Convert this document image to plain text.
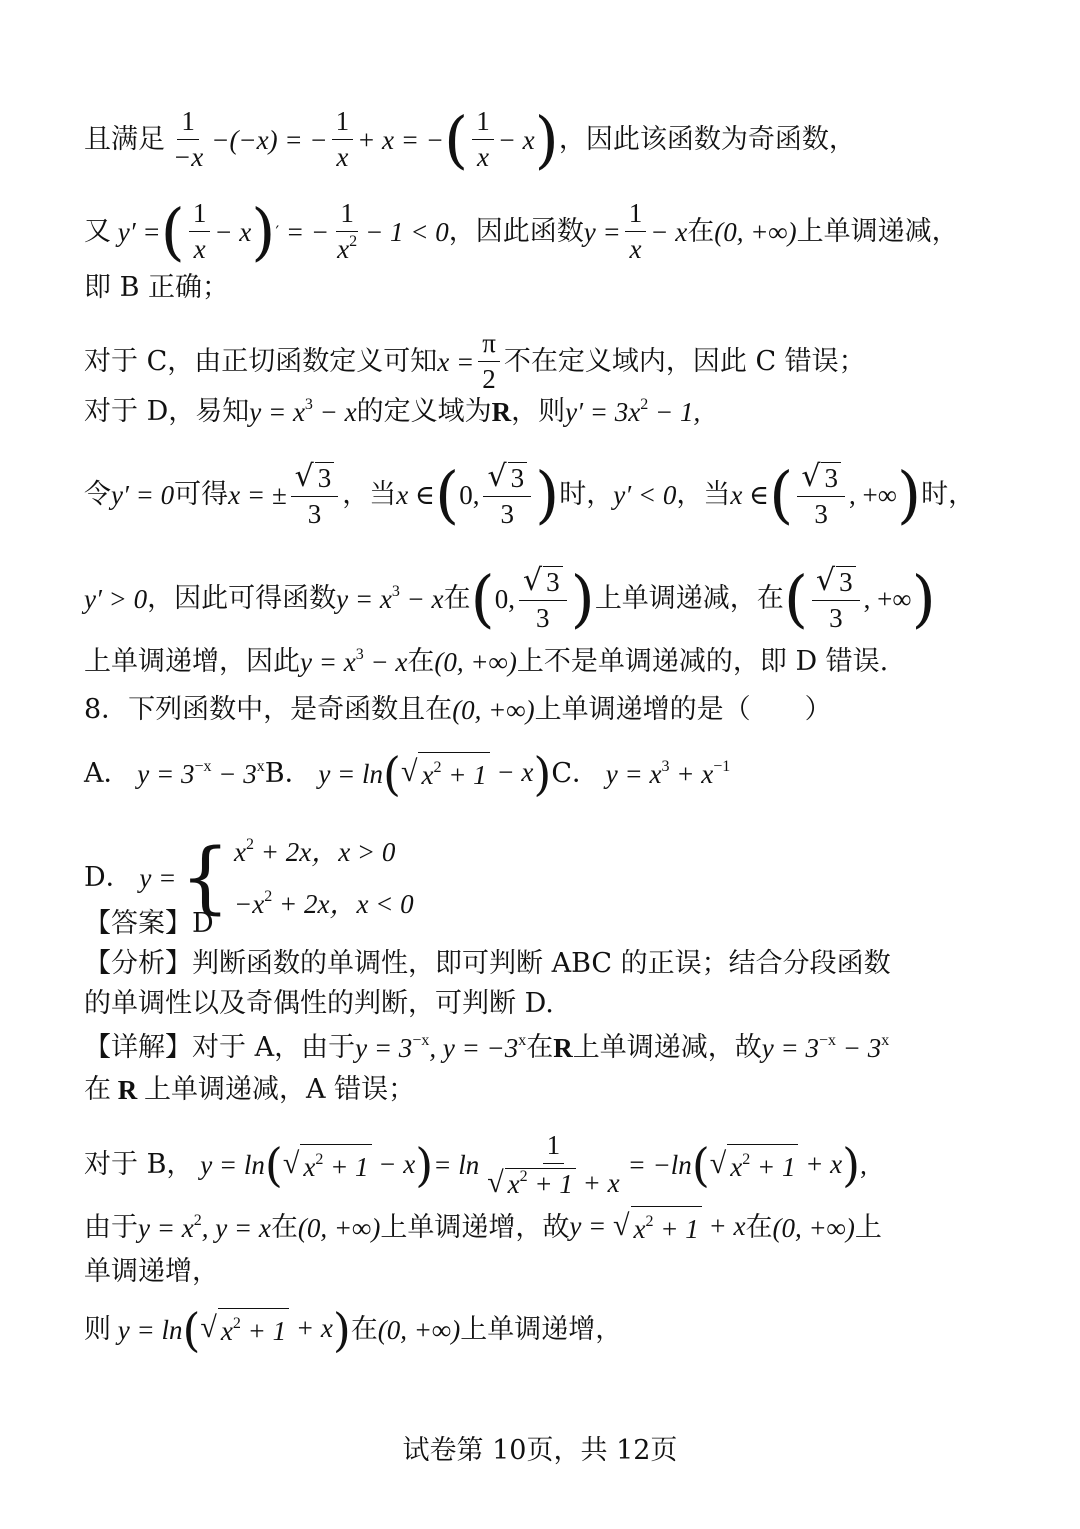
且满足 $\frac{1}{-x} -(-x)$ = − $\frac{1}{x} + x$ = − ( $\frac{1}{x} - x$ ) ，因此该函数为奇函数，
又 y′ = ( $\frac{1}{x} - x$ ) ′ = − $\frac{1}{x^2} - 1 < 0$ ，因此函数 $y = \frac{1}{x} - x$ 在 (0, +∞) 上单调递减，
即 B 正确；
对于 C，由正切函数定义可知 $x = \frac{\pi}{2}$ 不在定义域内，因此 C 错误；
对于 D，易知 $y = x^3 - x$ 的定义域为 R ，则 $y' = 3x^2 - 1$,
令 y′ = 0 可得 x = ± $\frac{√ 3}{3}$ ，当 x ∈ ( 0, $\frac{√ 3}{3}$ ) 时， y′ < 0 ，当 x ∈ ( $\frac{√ 3}{3}$ , +∞ ) 时，
y′ > 0 ，因此可得函数 $y = x^3 - x$ 在 ( 0, $\frac{√ 3}{3}$ ) 上单调递减，在 ( $\frac{√ 3}{3}$ , +∞ )
上单调递增，因此 $y = x^3 - x$ 在 (0, +∞) 上不是单调递减的，即 D 错误.
8．下列函数中，是奇函数且在 (0, +∞) 上单调递增的是（　　）
A． $y = 3^{-x} - 3^x$ B． y = ln ( √ $x^2 + 1 - x$ ) C． $y = x^3 + x^{-1}$
D． y = { $x^2 + 2x$，x > 0
$-x^2 + 2x$，x < 0
【答案】D
【分析】判断函数的单调性，即可判断 ABC 的正误；结合分段函数
的单调性以及奇偶性的判断，可判断 D.
【详解】对于 A，由于 $y = 3^{-x}$, $y = -3^x$ 在 R 上单调递减，故 $y = 3^{-x} - 3^x$
在 R 上单调递减，A 错误；
对于 B， y = ln ( √ $x^2 + 1 - x$ ) = $\ln \frac{1}{√ x^2 + 1 + x} = -\ln$ ( √ $x^2 + 1 + x$ ) ,
由于 $y = x^2$, y = x 在 (0, +∞) 上单调递增，故 y = √ $x^2 + 1 + x$ 在 (0, +∞) 上
单调递增，
则 y = ln ( √ $x^2 + 1 + x$ ) 在 (0, +∞) 上单调递增，
试卷第 10页，共 12页
